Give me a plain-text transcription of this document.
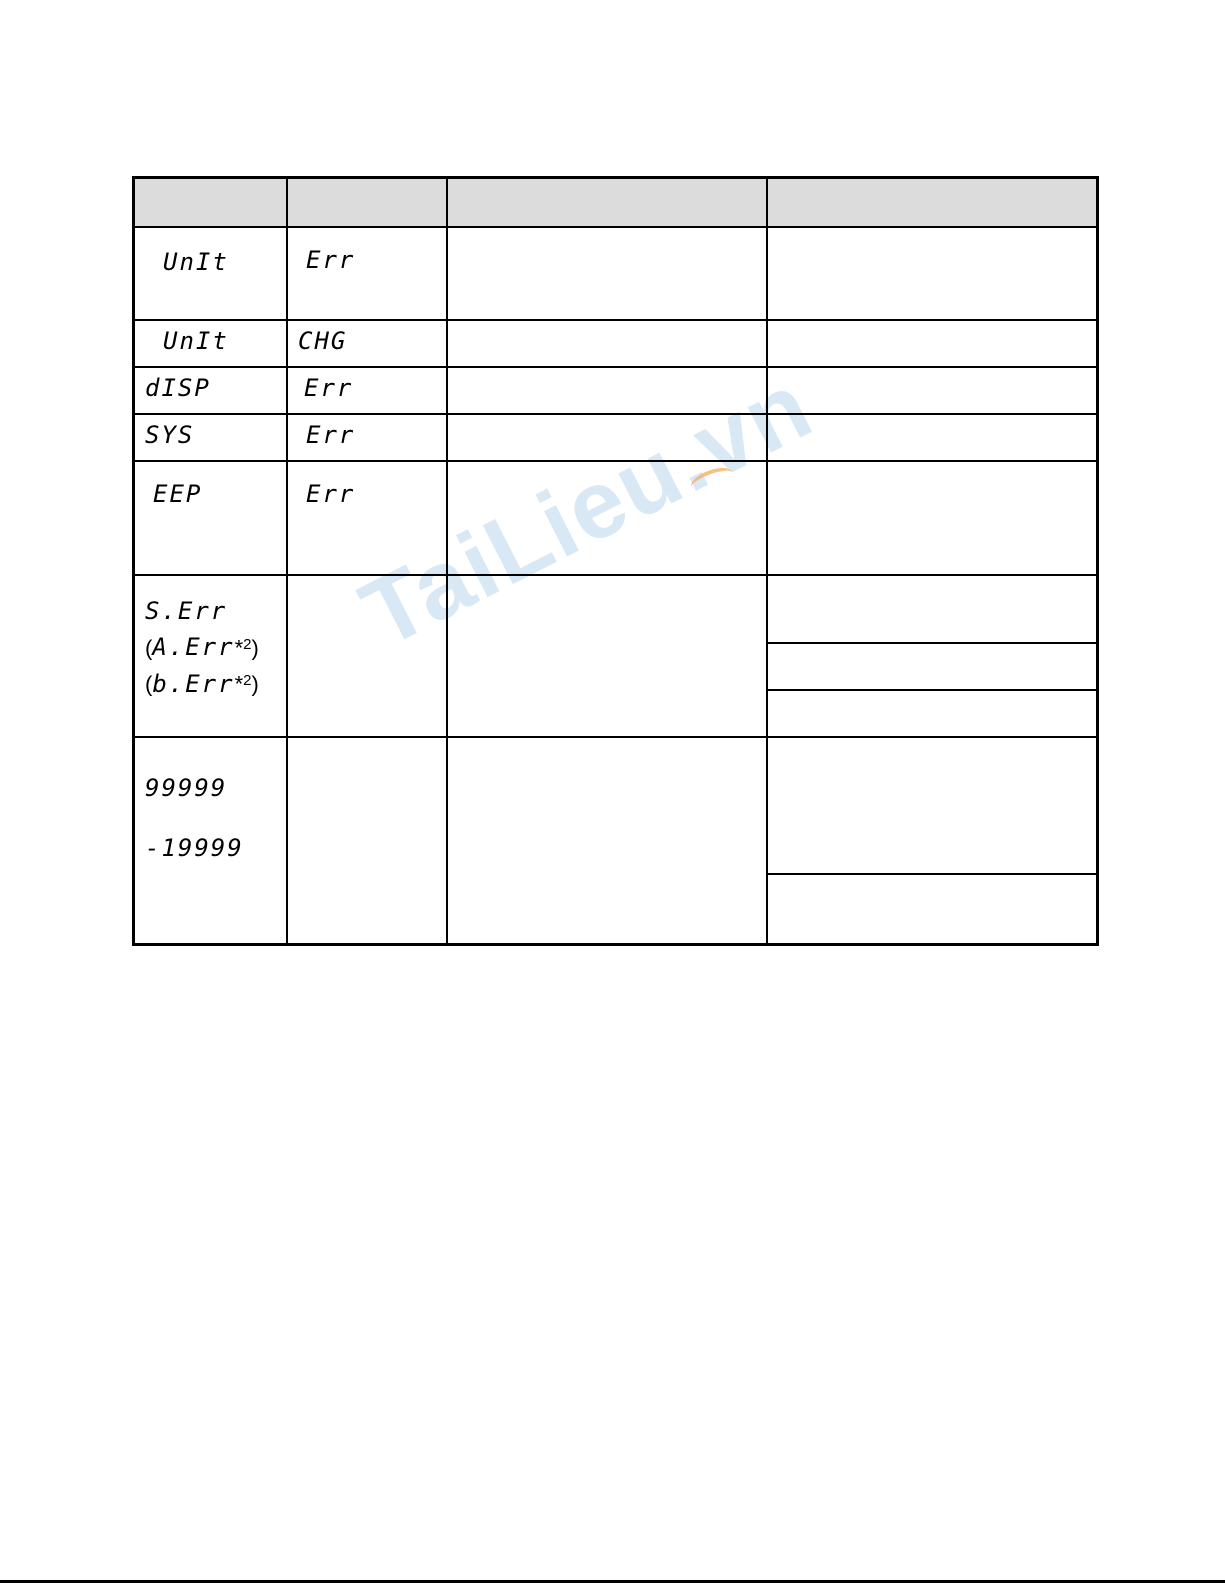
TaiLieu.vn

UnIt	Err		

UnIt	CHG		

dISP	Err		

SYS	Err		

EEP	Err		

S.Err
(A.Err*2)
(b.Err*2)			

99999
-19999			
